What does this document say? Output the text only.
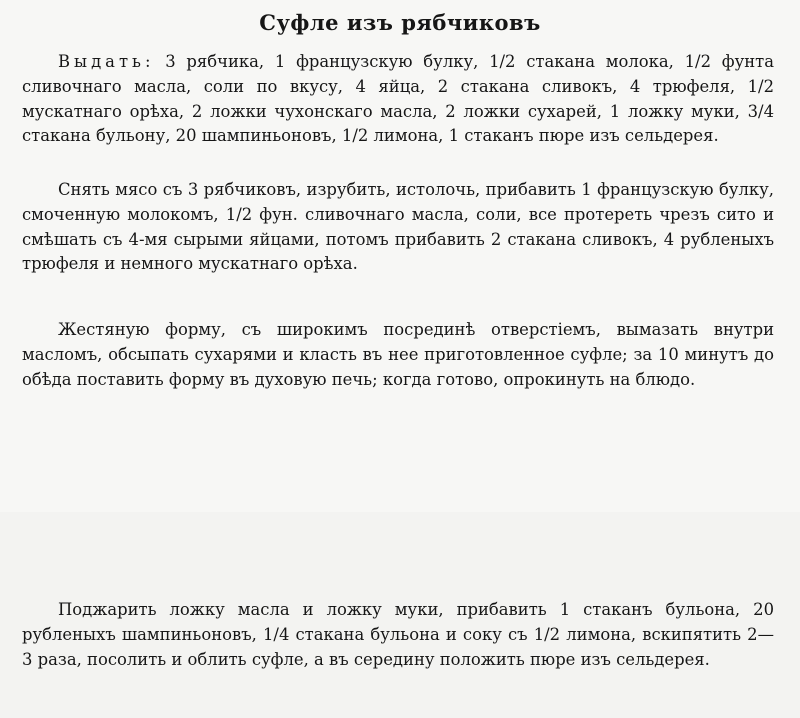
Суфле изъ рябчиковъ

Выдать: 3 рябчика, 1 французскую булку, 1/2 стакана молока, 1/2 фунта сливочнаго масла, соли по вкусу, 4 яйца, 2 стакана сливокъ, 4 трюфеля, 1/2 мускатнаго орѣха, 2 ложки чухонскаго масла, 2 ложки сухарей, 1 ложку муки, 3/4 стакана бульону, 20 шампиньоновъ, 1/2 лимона, 1 стаканъ пюре изъ сельдерея.

Снять мясо съ 3 рябчиковъ, изрубить, истолочь, прибавить 1 французскую булку, смоченную молокомъ, 1/2 фун. сливочнаго масла, соли, все протереть чрезъ сито и смѣшать съ 4-мя сырыми яйцами, потомъ прибавить 2 стакана сливокъ, 4 рубленыхъ трюфеля и немного мускатнаго орѣха.

Жестяную форму, съ широкимъ посрединѣ отверстiемъ, вымазать внутри масломъ, обсыпать сухарями и класть въ нее приготовленное суфле; за 10 минутъ до обѣда поставить форму въ духовую печь; когда готово, опрокинуть на блюдо.

Поджарить ложку масла и ложку муки, прибавить 1 стаканъ бульона, 20 рубленыхъ шампиньоновъ, 1/4 стакана бульона и соку съ 1/2 лимона, вскипятить 2—3 раза, посолить и облить суфле, а въ середину положить пюре изъ сельдерея.
